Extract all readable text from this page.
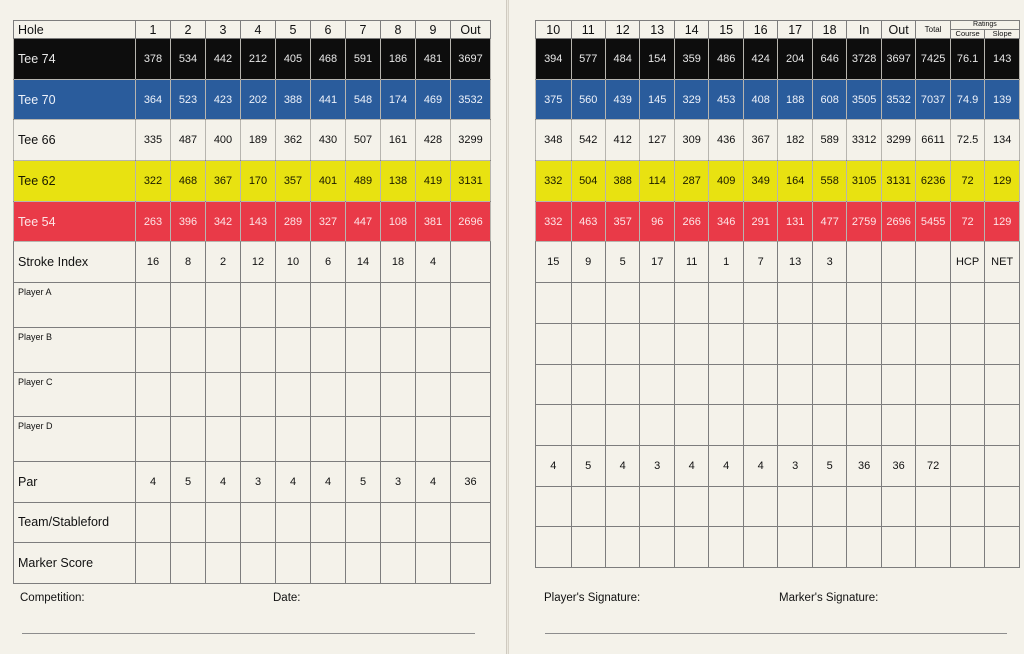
Hole	1	2	3	4	5	6	7	8	9	Out
Tee 74	378	534	442	212	405	468	591	186	481	3697
Tee 70	364	523	423	202	388	441	548	174	469	3532
Tee 66	335	487	400	189	362	430	507	161	428	3299
Tee 62	322	468	367	170	357	401	489	138	419	3131
Tee 54	263	396	342	143	289	327	447	108	381	2696
Stroke Index	16	8	2	12	10	6	14	18	4	
Player A										
Player B										
Player C										
Player D										
Par	4	5	4	3	4	4	5	3	4	36
Team/Stableford										
Marker Score										
Competition:	Date:
10	11	12	13	14	15	16	17	18	In	Out	Total	Ratings
Course Slope	

394	577	484	154	359	486	424	204	646	3728	3697	7425	76.1	143
375	560	439	145	329	453	408	188	608	3505	3532	7037	74.9	139
348	542	412	127	309	436	367	182	589	3312	3299	6611	72.5	134
332	504	388	114	287	409	349	164	558	3105	3131	6236	72	129
332	463	357	96	266	346	291	131	477	2759	2696	5455	72	129
15	9	5	17	11	1	7	13	3				HCP	NET

4	5	4	3	4	4	4	3	5	36	36	72		

Player's Signature:	Marker's Signature:
